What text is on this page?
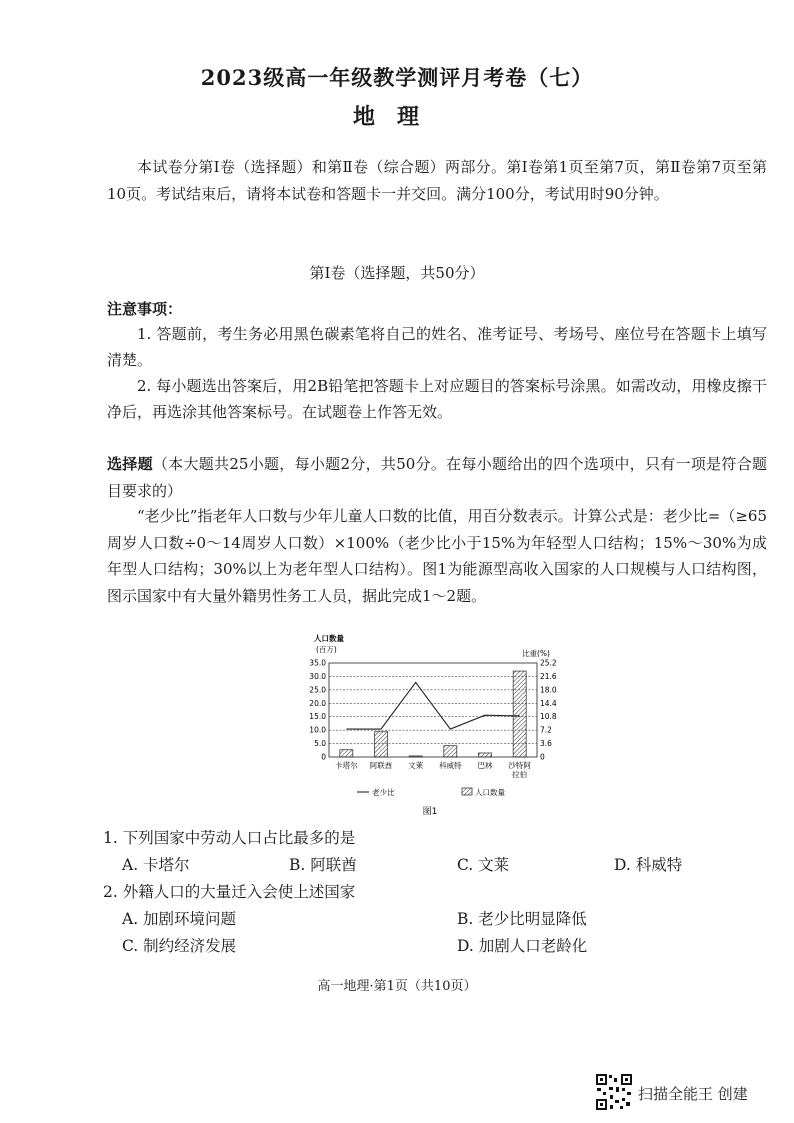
2023级高一年级教学测评月考卷（七）
地理
本试卷分第Ⅰ卷（选择题）和第Ⅱ卷（综合题）两部分。第Ⅰ卷第1页至第7页，第Ⅱ卷第7页至第10页。考试结束后，请将本试卷和答题卡一并交回。满分100分，考试用时90分钟。
第Ⅰ卷（选择题，共50分）
注意事项：
1. 答题前，考生务必用黑色碳素笔将自己的姓名、准考证号、考场号、座位号在答题卡上填写清楚。
2. 每小题选出答案后，用2B铅笔把答题卡上对应题目的答案标号涂黑。如需改动，用橡皮擦干净后，再选涂其他答案标号。在试题卷上作答无效。
选择题（本大题共25小题，每小题2分，共50分。在每小题给出的四个选项中，只有一项是符合题目要求的）
“老少比”指老年人口数与少年儿童人口数的比值，用百分数表示。计算公式是：老少比=（≥65周岁人口数÷0～14周岁人口数）×100%（老少比小于15%为年轻型人口结构；15%～30%为成年型人口结构；30%以上为老年型人口结构）。图1为能源型高收入国家的人口规模与人口结构图，图示国家中有大量外籍男性务工人员，据此完成1～2题。
人口数量
(百万)	比重(%)
35.0	25.2
30.0	21.6
25.0	18.0
20.0	14.4
15.0	10.8
10.0	7.2
5.0	3.6
0	0
卡塔尔 阿联酋 文莱 科威特 巴林 沙特阿
拉伯
老少比	人口数量
图1
1. 下列国家中劳动人口占比最多的是
A. 卡塔尔	B. 阿联酋	C. 文莱	D. 科威特
2. 外籍人口的大量迁入会使上述国家
A. 加剧环境问题	B. 老少比明显降低
C. 制约经济发展	D. 加剧人口老龄化
高一地理·第1页（共10页）
扫描全能王 创建
